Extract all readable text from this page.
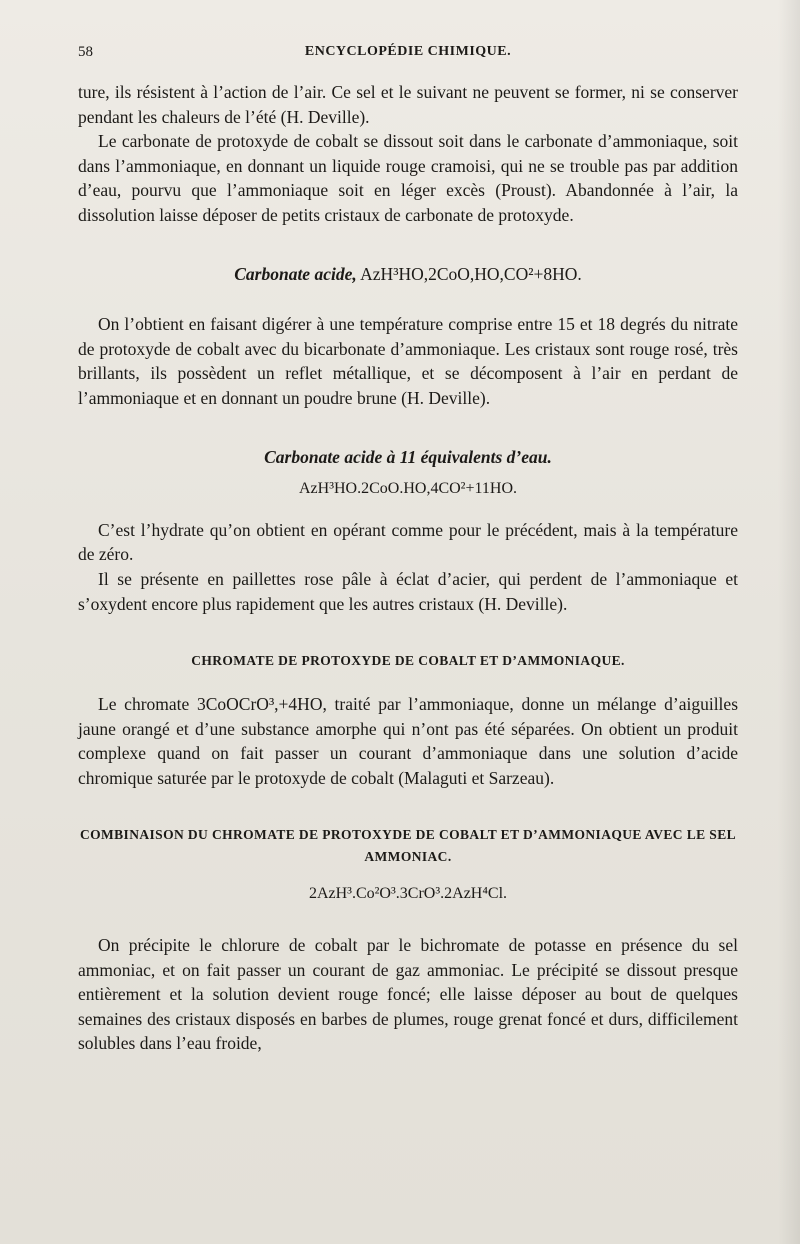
58	ENCYCLOPÉDIE CHIMIQUE.

ture, ils résistent à l’action de l’air. Ce sel et le suivant ne peuvent se former, ni se conserver pendant les chaleurs de l’été (H. Deville).

Le carbonate de protoxyde de cobalt se dissout soit dans le carbonate d’ammoniaque, soit dans l’ammoniaque, en donnant un liquide rouge cramoisi, qui ne se trouble pas par addition d’eau, pourvu que l’ammoniaque soit en léger excès (Proust). Abandonnée à l’air, la dissolution laisse déposer de petits cristaux de carbonate de protoxyde.

Carbonate acide, AzH³HO,2CoO,HO,CO²+8HO.

On l’obtient en faisant digérer à une température comprise entre 15 et 18 degrés du nitrate de protoxyde de cobalt avec du bicarbonate d’ammoniaque. Les cristaux sont rouge rosé, très brillants, ils possèdent un reflet métallique, et se décomposent à l’air en perdant de l’ammoniaque et en donnant un poudre brune (H. Deville).

Carbonate acide à 11 équivalents d’eau.

AzH³HO.2CoO.HO,4CO²+11HO.

C’est l’hydrate qu’on obtient en opérant comme pour le précédent, mais à la température de zéro.

Il se présente en paillettes rose pâle à éclat d’acier, qui perdent de l’ammoniaque et s’oxydent encore plus rapidement que les autres cristaux (H. Deville).

CHROMATE DE PROTOXYDE DE COBALT ET D’AMMONIAQUE.

Le chromate 3CoOCrO³,+4HO, traité par l’ammoniaque, donne un mélange d’aiguilles jaune orangé et d’une substance amorphe qui n’ont pas été séparées. On obtient un produit complexe quand on fait passer un courant d’ammoniaque dans une solution d’acide chromique saturée par le protoxyde de cobalt (Malaguti et Sarzeau).

COMBINAISON DU CHROMATE DE PROTOXYDE DE COBALT ET D’AMMONIAQUE AVEC LE SEL AMMONIAC.

2AzH³.Co²O³.3CrO³.2AzH⁴Cl.

On précipite le chlorure de cobalt par le bichromate de potasse en présence du sel ammoniac, et on fait passer un courant de gaz ammoniac. Le précipité se dissout presque entièrement et la solution devient rouge foncé; elle laisse déposer au bout de quelques semaines des cristaux disposés en barbes de plumes, rouge grenat foncé et durs, difficilement solubles dans l’eau froide,
